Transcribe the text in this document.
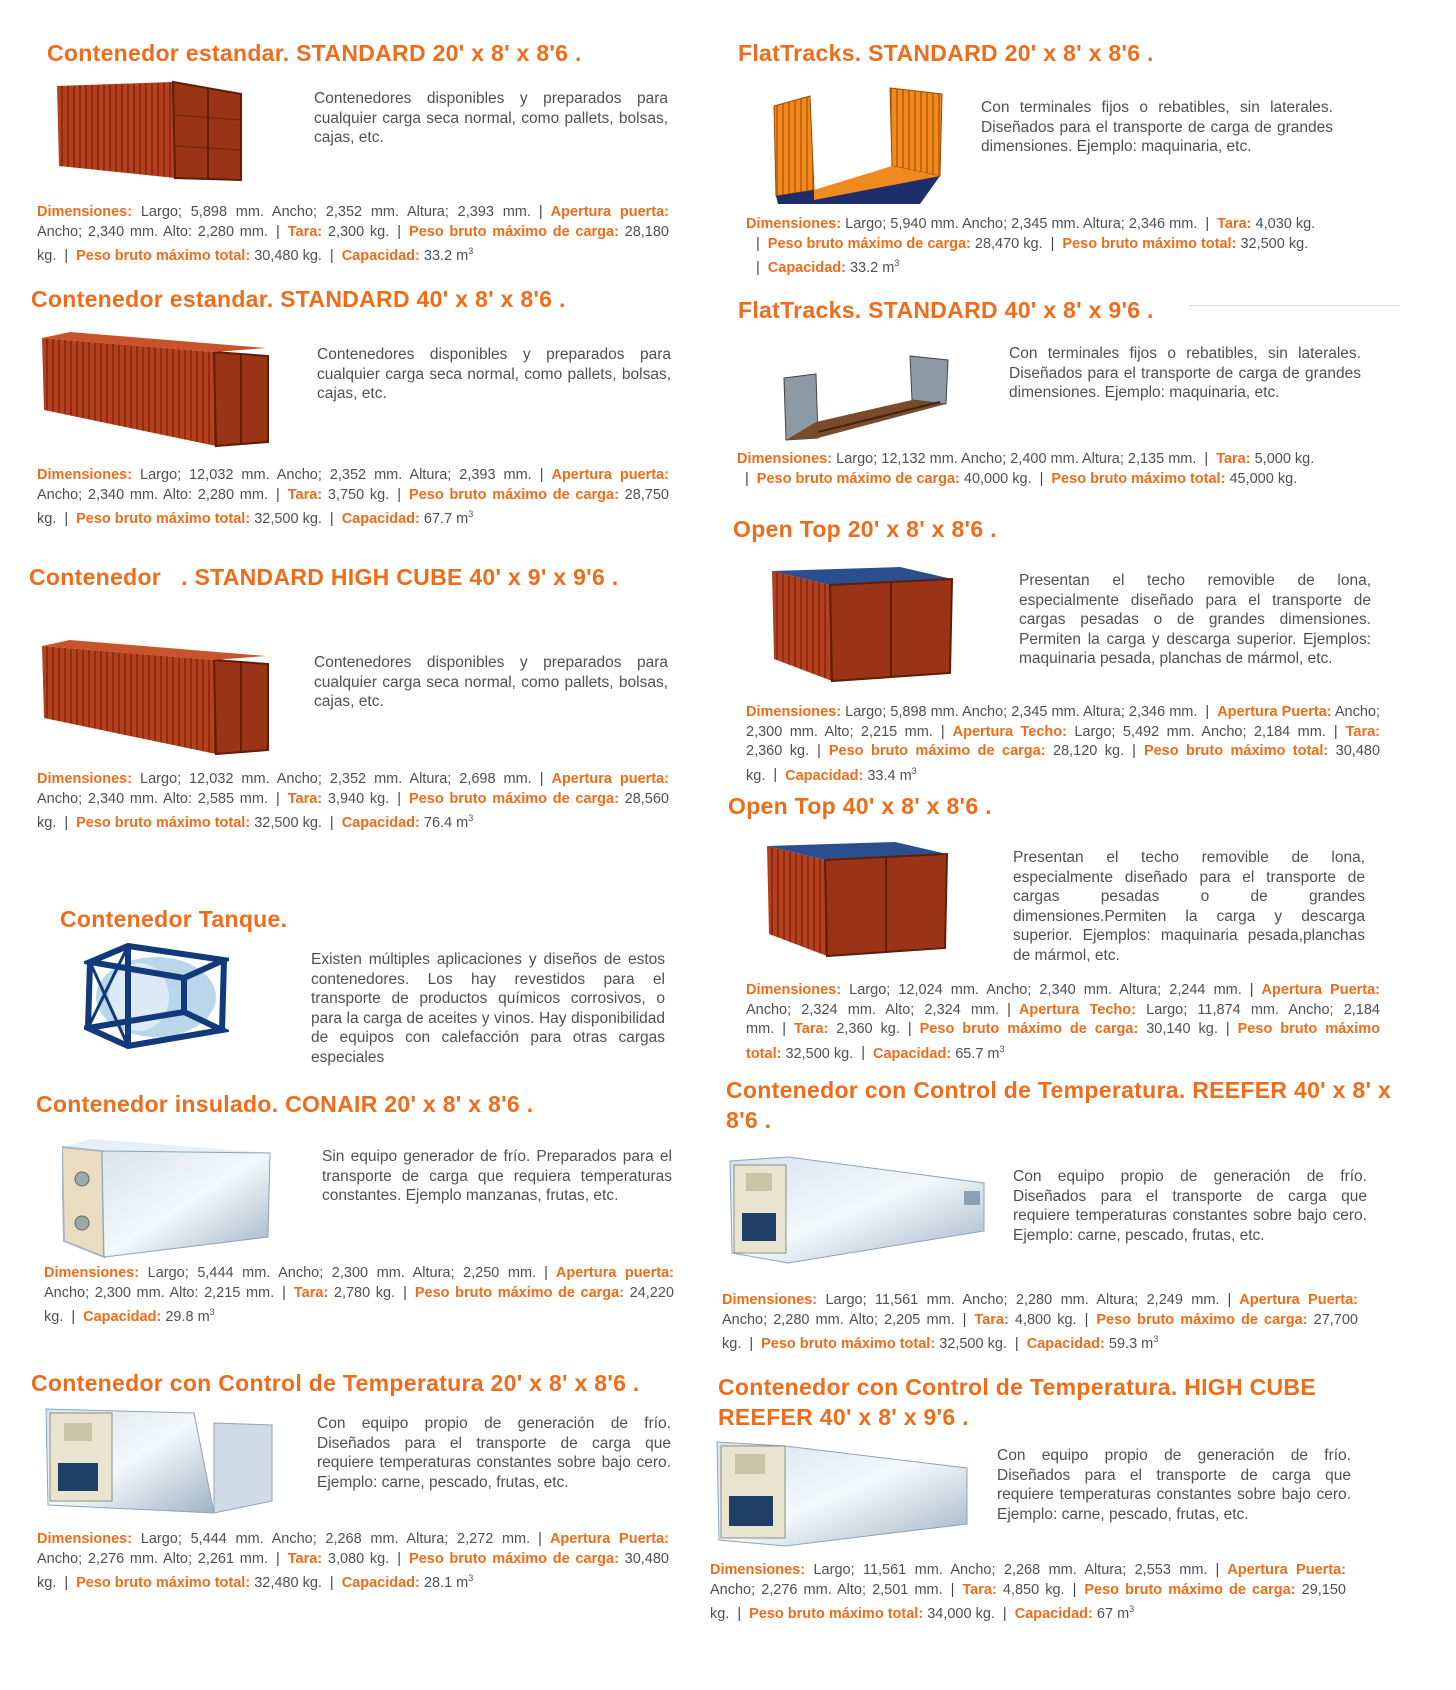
Contenedor estandar. STANDARD 20' x 8' x 8'6 .
Contenedores disponibles y preparados para cualquier carga seca normal, como pallets, bolsas, cajas, etc.
Dimensiones: Largo; 5,898 mm. Ancho; 2,352 mm. Altura; 2,393 mm. | Apertura puerta: Ancho; 2,340 mm. Alto: 2,280 mm. | Tara: 2,300 kg. | Peso bruto máximo de carga: 28,180 kg. | Peso bruto máximo total: 30,480 kg. | Capacidad: 33.2 $m^3$
Contenedor estandar. STANDARD 40' x 8' x 8'6 .
Contenedores disponibles y preparados para cualquier carga seca normal, como pallets, bolsas, cajas, etc.
Dimensiones: Largo; 12,032 mm. Ancho; 2,352 mm. Altura; 2,393 mm. | Apertura puerta: Ancho; 2,340 mm. Alto: 2,280 mm. | Tara: 3,750 kg. | Peso bruto máximo de carga: 28,750 kg. | Peso bruto máximo total: 32,500 kg. | Capacidad: 67.7 $m^3$
Contenedor . STANDARD HIGH CUBE 40' x 9' x 9'6 .
Contenedores disponibles y preparados para cualquier carga seca normal, como pallets, bolsas, cajas, etc.
Dimensiones: Largo; 12,032 mm. Ancho; 2,352 mm. Altura; 2,698 mm. | Apertura puerta: Ancho; 2,340 mm. Alto: 2,585 mm. | Tara: 3,940 kg. | Peso bruto máximo de carga: 28,560 kg. | Peso bruto máximo total: 32,500 kg. | Capacidad: 76.4 $m^3$
Contenedor Tanque.
Existen múltiples aplicaciones y diseños de estos contenedores. Los hay revestidos para el transporte de productos químicos corrosivos, o para la carga de aceites y vinos. Hay disponibilidad de equipos con calefacción para otras cargas especiales
Contenedor insulado. CONAIR 20' x 8' x 8'6 .
Sin equipo generador de frío. Preparados para el transporte de carga que requiera temperaturas constantes. Ejemplo manzanas, frutas, etc.
Dimensiones: Largo; 5,444 mm. Ancho; 2,300 mm. Altura; 2,250 mm. | Apertura puerta: Ancho; 2,300 mm. Alto: 2,215 mm. | Tara: 2,780 kg. | Peso bruto máximo de carga: 24,220 kg. | Capacidad: 29.8 $m^3$
Contenedor con Control de Temperatura 20' x 8' x 8'6 .
Con equipo propio de generación de frío. Diseñados para el transporte de carga que requiere temperaturas constantes sobre bajo cero. Ejemplo: carne, pescado, frutas, etc.
Dimensiones: Largo; 5,444 mm. Ancho; 2,268 mm. Altura; 2,272 mm. | Apertura Puerta: Ancho; 2,276 mm. Alto; 2,261 mm. | Tara: 3,080 kg. | Peso bruto máximo de carga: 30,480 kg. | Peso bruto máximo total: 32,480 kg. | Capacidad: 28.1 $m^3$
FlatTracks. STANDARD 20' x 8' x 8'6 .
Con terminales fijos o rebatibles, sin laterales. Diseñados para el transporte de carga de grandes dimensiones. Ejemplo: maquinaria, etc.
Dimensiones: Largo; 5,940 mm. Ancho; 2,345 mm. Altura; 2,346 mm. | Tara: 4,030 kg.
| Peso bruto máximo de carga: 28,470 kg. | Peso bruto máximo total: 32,500 kg.
| Capacidad: 33.2 $m^3$
FlatTracks. STANDARD 40' x 8' x 9'6 .
Con terminales fijos o rebatibles, sin laterales. Diseñados para el transporte de carga de grandes dimensiones. Ejemplo: maquinaria, etc.
Dimensiones: Largo; 12,132 mm. Ancho; 2,400 mm. Altura; 2,135 mm. | Tara: 5,000 kg.
| Peso bruto máximo de carga: 40,000 kg. | Peso bruto máximo total: 45,000 kg.
Open Top 20' x 8' x 8'6 .
Presentan el techo removible de lona, especialmente diseñado para el transporte de cargas pesadas o de grandes dimensiones. Permiten la carga y descarga superior. Ejemplos: maquinaria pesada, planchas de mármol, etc.
Dimensiones: Largo; 5,898 mm. Ancho; 2,345 mm. Altura; 2,346 mm. | Apertura Puerta: Ancho; 2,300 mm. Alto; 2,215 mm. | Apertura Techo: Largo; 5,492 mm. Ancho; 2,184 mm. | Tara: 2,360 kg. | Peso bruto máximo de carga: 28,120 kg. | Peso bruto máximo total: 30,480 kg. | Capacidad: 33.4 $m^3$
Open Top 40' x 8' x 8'6 .
Presentan el techo removible de lona, especialmente diseñado para el transporte de cargas pesadas o de grandes dimensiones.Permiten la carga y descarga superior. Ejemplos: maquinaria pesada,planchas de mármol, etc.
Dimensiones: Largo; 12,024 mm. Ancho; 2,340 mm. Altura; 2,244 mm. | Apertura Puerta: Ancho; 2,324 mm. Alto; 2,324 mm. | Apertura Techo: Largo; 11,874 mm. Ancho; 2,184 mm. | Tara: 2,360 kg. | Peso bruto máximo de carga: 30,140 kg. | Peso bruto máximo total: 32,500 kg. | Capacidad: 65.7 $m^3$
Contenedor con Control de Temperatura. REEFER 40' x 8' x 8'6 .
Con equipo propio de generación de frío. Diseñados para el transporte de carga que requiere temperaturas constantes sobre bajo cero. Ejemplo: carne, pescado, frutas, etc.
Dimensiones: Largo; 11,561 mm. Ancho; 2,280 mm. Altura; 2,249 mm. | Apertura Puerta: Ancho; 2,280 mm. Alto; 2,205 mm. | Tara: 4,800 kg. | Peso bruto máximo de carga: 27,700 kg. | Peso bruto máximo total: 32,500 kg. | Capacidad: 59.3 $m^3$
Contenedor con Control de Temperatura. HIGH CUBE REEFER 40' x 8' x 9'6 .
Con equipo propio de generación de frío. Diseñados para el transporte de carga que requiere temperaturas constantes sobre bajo cero. Ejemplo: carne, pescado, frutas, etc.
Dimensiones: Largo; 11,561 mm. Ancho; 2,268 mm. Altura; 2,553 mm. | Apertura Puerta: Ancho; 2,276 mm. Alto; 2,501 mm. | Tara: 4,850 kg. | Peso bruto máximo de carga: 29,150 kg. | Peso bruto máximo total: 34,000 kg. | Capacidad: 67 $m^3$
